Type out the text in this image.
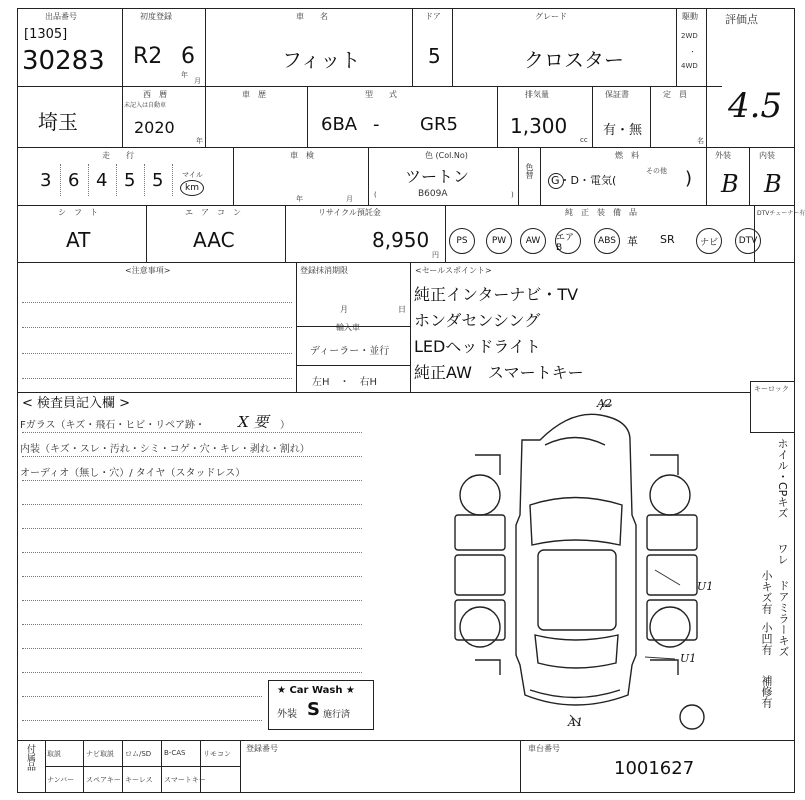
出品番号
[1305]
30283
初度登録
R2 6
年
月
車　　名
フィット
ドア
5
グレード
クロスター
駆動
2WD
・
4WD
評価点
4.5
埼玉
西　暦
未記入は自動車
2020
年
車　歴	型　　式
6BA - GR5
排気量
1,300
cc
保証書
有・無
定　員
名
走　　行
3 6 4 5 5	マイル
km
車　検
年	月
色 (Col.No)
ツートン
B609A
(	)
色替
燃　料
G・D・電気(
その他 )
外装
B
内装
B
シ　フ　ト
AT
エ　ア　コ　ン
AAC
リサイクル預託金
8,950
円
純　正　装　備　品	DTVチューナー有
PS	PW	AW	エアB
ABS	革 SR	ナビ	DTV
<注意事項>	登録抹消期限
月	日
輸入車
ディーラー・並行
左H　・　右H
<セールスポイント>
純正インターナビ・TV
ホンダセンシング
LEDヘッドライト
純正AW　スマートキー
< 検査員記入欄 >
Fガラス（キズ・飛石・ヒビ・リペア跡・ X 要 ）
内装（キズ・スレ・汚れ・シミ・コゲ・穴・キレ・剥れ・割れ）
オーディオ（無し・穴）/ タイヤ（スタッドレス）
キーロック
ホイル・CPキズ
ワレ
小キズ有 ドアミラーキズ
小凹有
補修有
A2
U1
U1
A1
★ Car Wash ★
外装 S 施行済
付属品 取説	ナビ取説 ロム/SD B-CAS	リモコン
ナンバー スペアキー キーレス スマートキー
登録番号	車台番号
1001627
